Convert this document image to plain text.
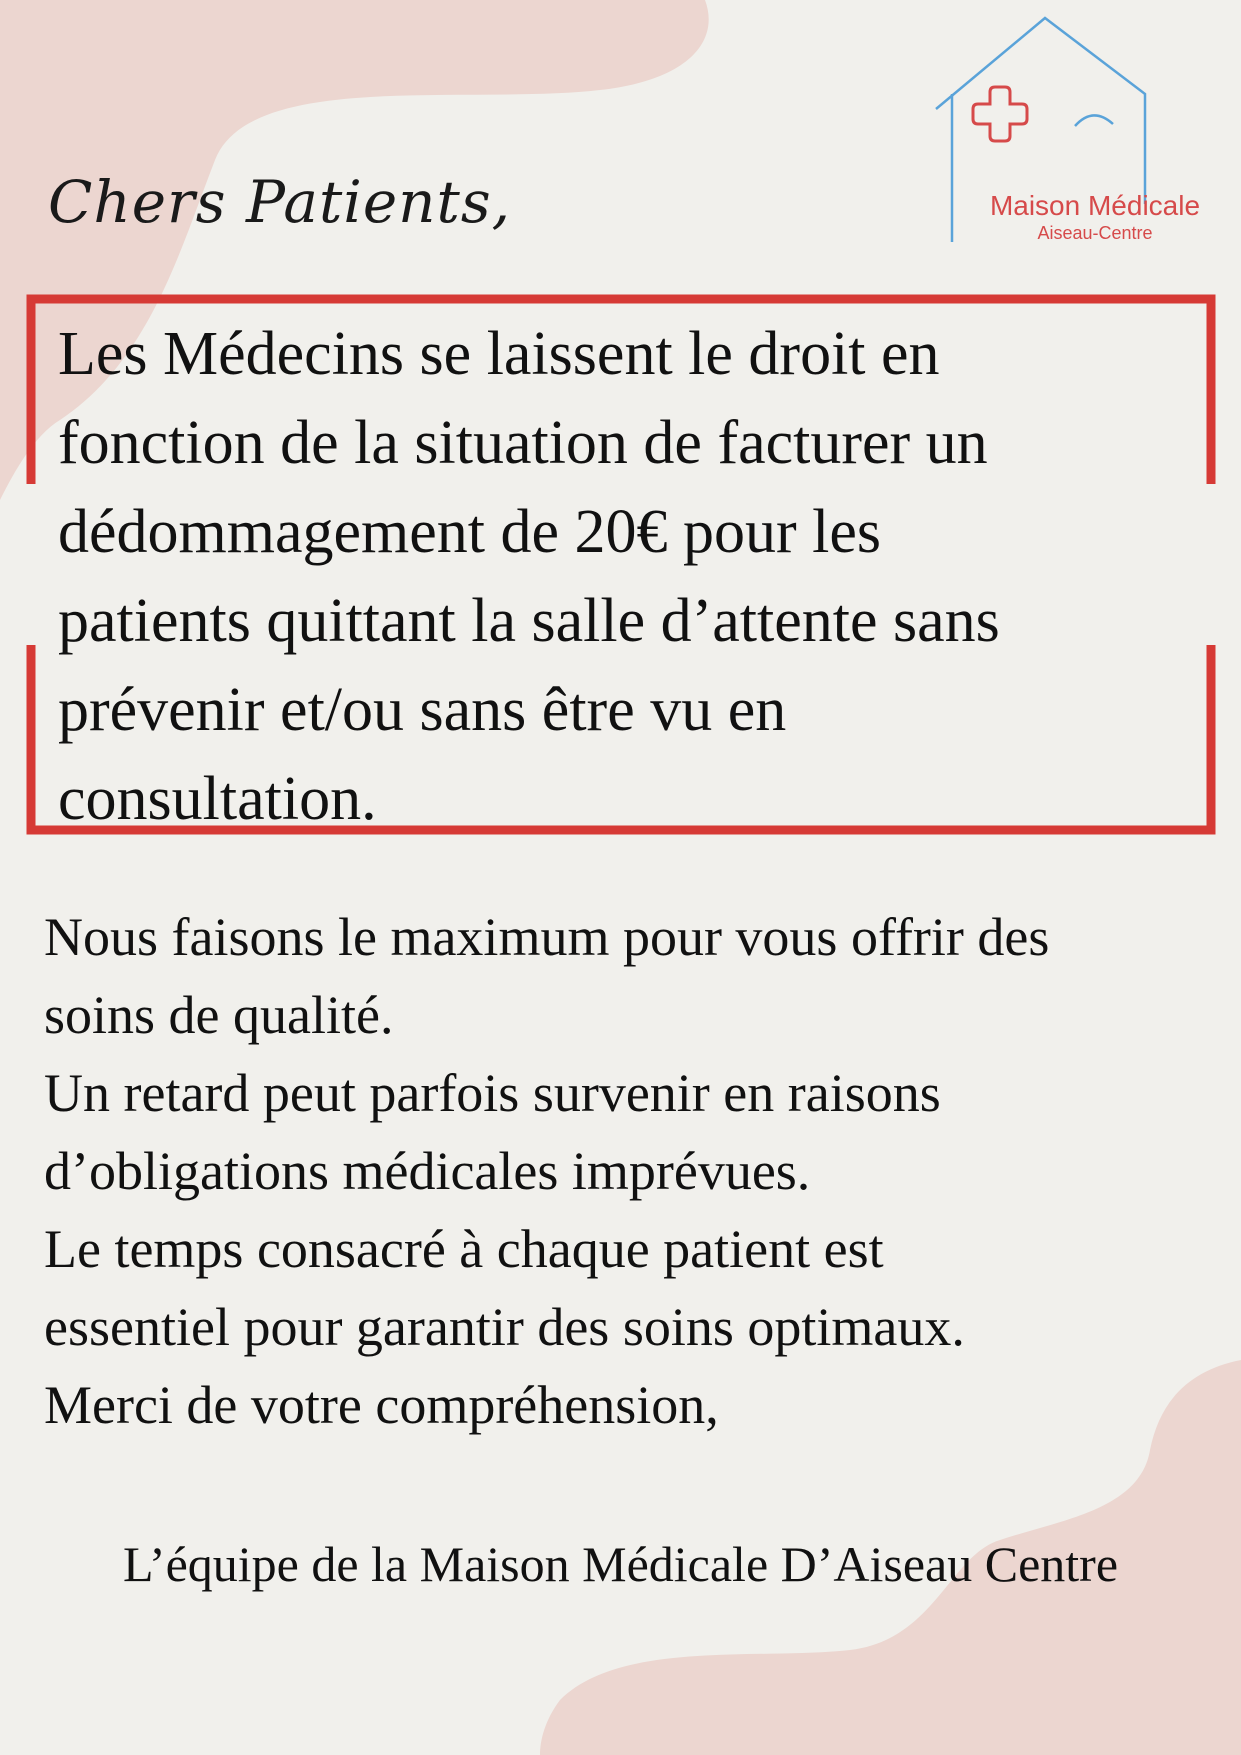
Maison Médicale
Aiseau-Centre
Chers Patients,
Les Médecins se laissent le droit en
fonction de la situation de facturer un
dédommagement de 20€ pour les
patients quittant la salle d’attente sans
prévenir et/ou sans être vu en
consultation.
Nous faisons le maximum pour vous offrir des
soins de qualité.
Un retard peut parfois survenir en raisons
d’obligations médicales imprévues.
Le temps consacré à chaque patient est
essentiel pour garantir des soins optimaux.
Merci de votre compréhension,
L’équipe de la Maison Médicale D’Aiseau Centre
